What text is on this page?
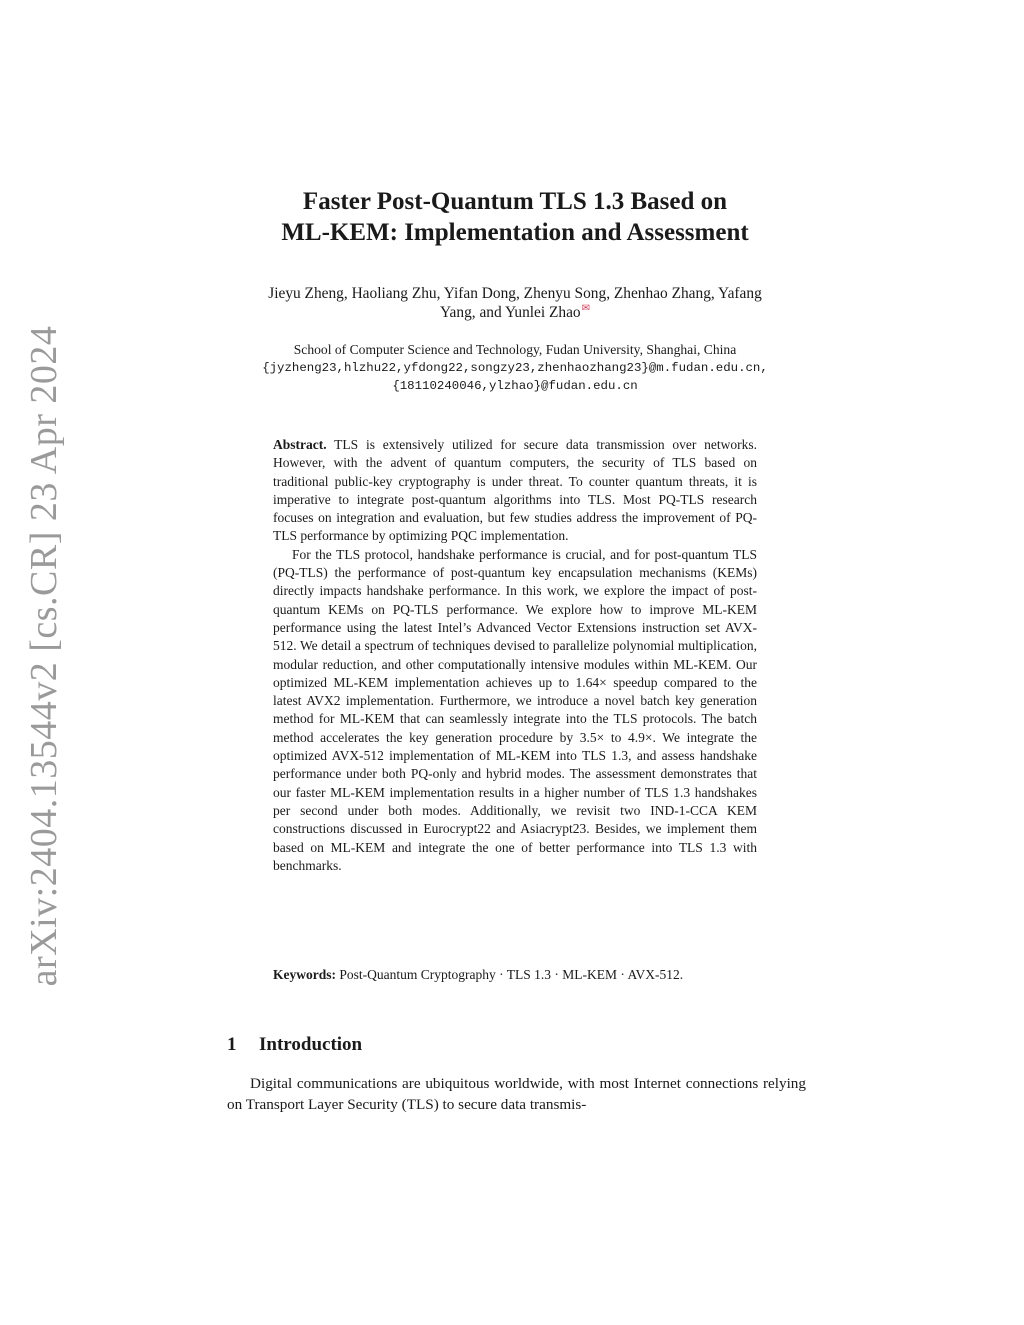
arXiv:2404.13544v2 [cs.CR] 23 Apr 2024
Faster Post-Quantum TLS 1.3 Based on
ML-KEM: Implementation and Assessment
Jieyu Zheng, Haoliang Zhu, Yifan Dong, Zhenyu Song, Zhenhao Zhang, Yafang
Yang, and Yunlei Zhao✉
School of Computer Science and Technology, Fudan University, Shanghai, China
{jyzheng23,hlzhu22,yfdong22,songzy23,zhenhaozhang23}@m.fudan.edu.cn,
{18110240046,ylzhao}@fudan.edu.cn

Abstract. TLS is extensively utilized for secure data transmission over networks. However, with the advent of quantum computers, the security of TLS based on traditional public-key cryptography is under threat. To counter quantum threats, it is imperative to integrate post-quantum algorithms into TLS. Most PQ-TLS research focuses on integration and evaluation, but few studies address the improvement of PQ-TLS performance by optimizing PQC implementation.

For the TLS protocol, handshake performance is crucial, and for post-quantum TLS (PQ-TLS) the performance of post-quantum key encapsulation mechanisms (KEMs) directly impacts handshake performance. In this work, we explore the impact of post-quantum KEMs on PQ-TLS performance. We explore how to improve ML-KEM performance using the latest Intel’s Advanced Vector Extensions instruction set AVX-512. We detail a spectrum of techniques devised to parallelize polynomial multiplication, modular reduction, and other computationally intensive modules within ML-KEM. Our optimized ML-KEM implementation achieves up to 1.64× speedup compared to the latest AVX2 implementation. Furthermore, we introduce a novel batch key generation method for ML-KEM that can seamlessly integrate into the TLS protocols. The batch method accelerates the key generation procedure by 3.5× to 4.9×. We integrate the optimized AVX-512 implementation of ML-KEM into TLS 1.3, and assess handshake performance under both PQ-only and hybrid modes. The assessment demonstrates that our faster ML-KEM implementation results in a higher number of TLS 1.3 handshakes per second under both modes. Additionally, we revisit two IND-1-CCA KEM constructions discussed in Eurocrypt22 and Asiacrypt23. Besides, we implement them based on ML-KEM and integrate the one of better performance into TLS 1.3 with benchmarks.

Keywords: Post-Quantum Cryptography · TLS 1.3 · ML-KEM · AVX-512.
1 Introduction
Digital communications are ubiquitous worldwide, with most Internet connections relying on Transport Layer Security (TLS) to secure data transmis-
